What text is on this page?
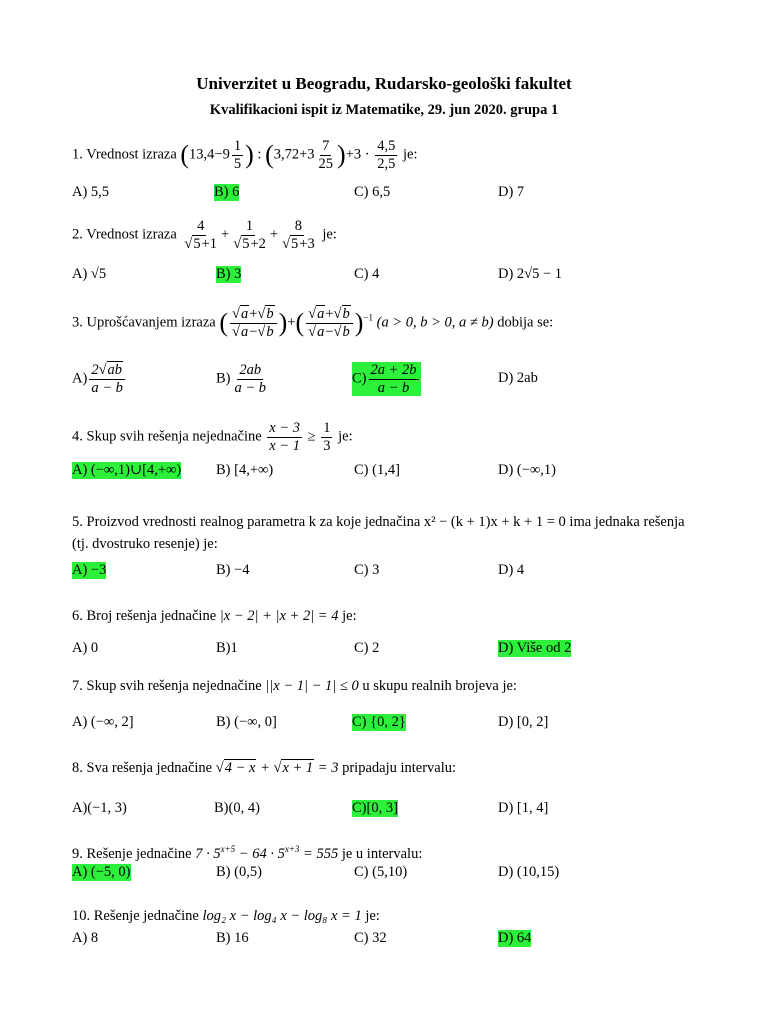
Univerzitet u Beogradu, Rudarsko-geološki fakultet
Kvalifikacioni ispit iz Matematike, 29. jun 2020. grupa 1
1. Vrednost izraza ($13,4-9 \frac{1}{5}$ ) : $(3,72+3 \frac{7}{25} )+3 \cdot \frac{4,5}{2,5}$ je:
A) 5,5	B) 6	C) 6,5	D) 7
2. Vrednost izraza $\frac{4}{√5+1} + \frac{1}{√5+2} + \frac{8}{√5+3}$ je:
A) √5	B) 3	C) 4	D) 2√5 − 1
3. Uprošćavanjem izraza ( $\frac{√a+√b}{√a-√b}$ )+( $\frac{√a+√b}{√a-√b} )^{-1}$ (a > 0, b > 0, a ≠ b) dobija se:
$A) \frac{2√ab}{a - b}$	$B) \frac{2ab}{a - b}$	$C) \frac{2a + 2b}{a - b}$	D) 2ab
4. Skup svih rešenja nejednačine $\frac{x - 3}{x - 1} \ge \frac{1}{3}$ je:
A) (−∞,1)∪[4,+∞) B) [4,+∞)	C) (1,4]	D) (−∞,1)
5. Proizvod vrednosti realnog parametra k za koje jednačina x² − (k + 1)x + k + 1 = 0 ima jednaka rešenja
(tj. dvostruko resenje) je:
A) −3	B) −4	C) 3	D) 4
6. Broj rešenja jednačine |x − 2| + |x + 2| = 4 je:
A) 0	B)1	C) 2	D) Više od 2
7. Skup svih rešenja nejednačine ||x − 1| − 1| ≤ 0 u skupu realnih brojeva je:
A) (−∞, 2]	B) (−∞, 0]	C) {0, 2}	D) [0, 2]
8. Sva rešenja jednačine √4 − x + √x + 1 = 3 pripadaju intervalu:
A)(−1, 3)	B)(0, 4)	C)[0, 3]	D) [1, 4]
9. Rešenje jednačine $7 \cdot 5^{x+5} - 64 \cdot 5^{x+3} = 555$ je u intervalu:
A) (−5, 0)	B) (0,5)	C) (5,10)	D) (10,15)
10. Rešenje jednačine log₂ x − log₄ x − log₈ x = 1 je:
A) 8	B) 16	C) 32	D) 64
